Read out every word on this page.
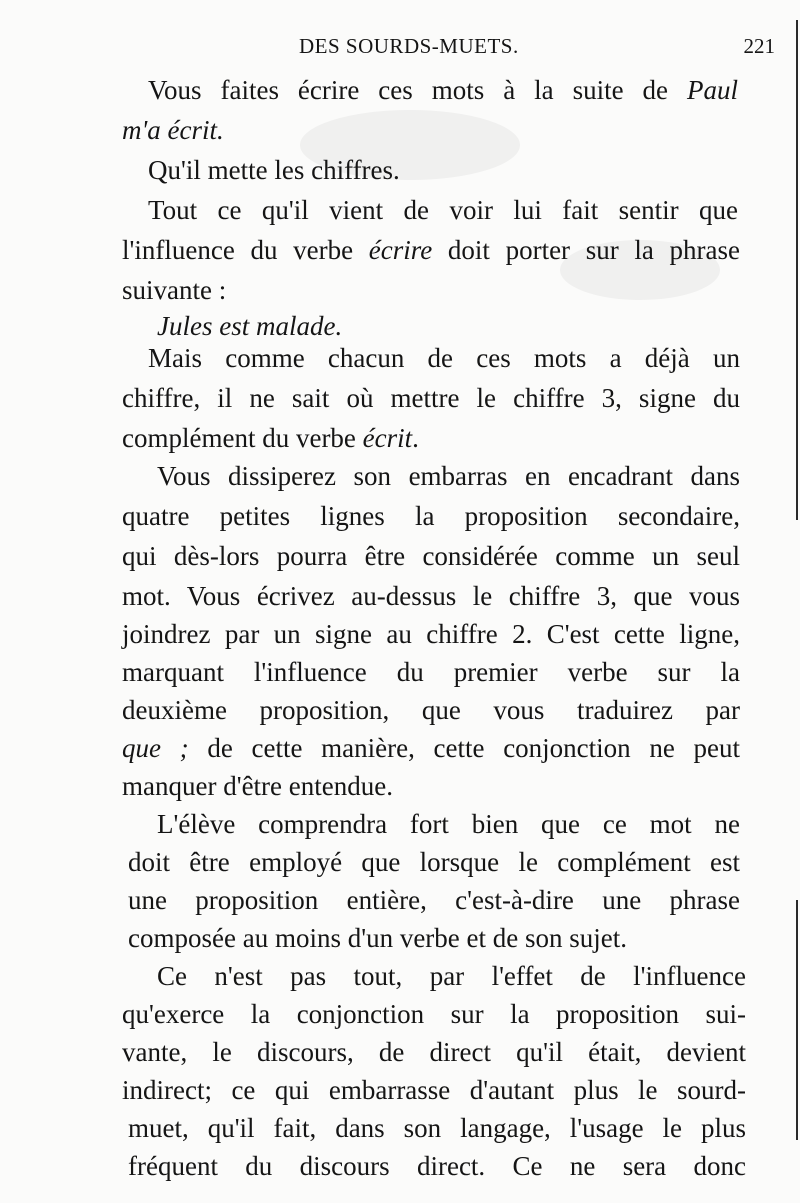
DES SOURDS-MUETS.	221
Vous faites écrire ces mots à la suite de Paul
m'a écrit.
Qu'il mette les chiffres.
Tout ce qu'il vient de voir lui fait sentir que
l'influence du verbe écrire doit porter sur la phrase
suivante :
Jules est malade.
Mais comme chacun de ces mots a déjà un
chiffre, il ne sait où mettre le chiffre 3, signe du
complément du verbe écrit.
Vous dissiperez son embarras en encadrant dans
quatre petites lignes la proposition secondaire,
qui dès-lors pourra être considérée comme un seul
mot. Vous écrivez au-dessus le chiffre 3, que vous
joindrez par un signe au chiffre 2. C'est cette ligne,
marquant l'influence du premier verbe sur la
deuxième proposition, que vous traduirez par
que ; de cette manière, cette conjonction ne peut
manquer d'être entendue.
L'élève comprendra fort bien que ce mot ne
doit être employé que lorsque le complément est
une proposition entière, c'est-à-dire une phrase
composée au moins d'un verbe et de son sujet.
Ce n'est pas tout, par l'effet de l'influence
qu'exerce la conjonction sur la proposition sui-
vante, le discours, de direct qu'il était, devient
indirect; ce qui embarrasse d'autant plus le sourd-
muet, qu'il fait, dans son langage, l'usage le plus
fréquent du discours direct. Ce ne sera donc
